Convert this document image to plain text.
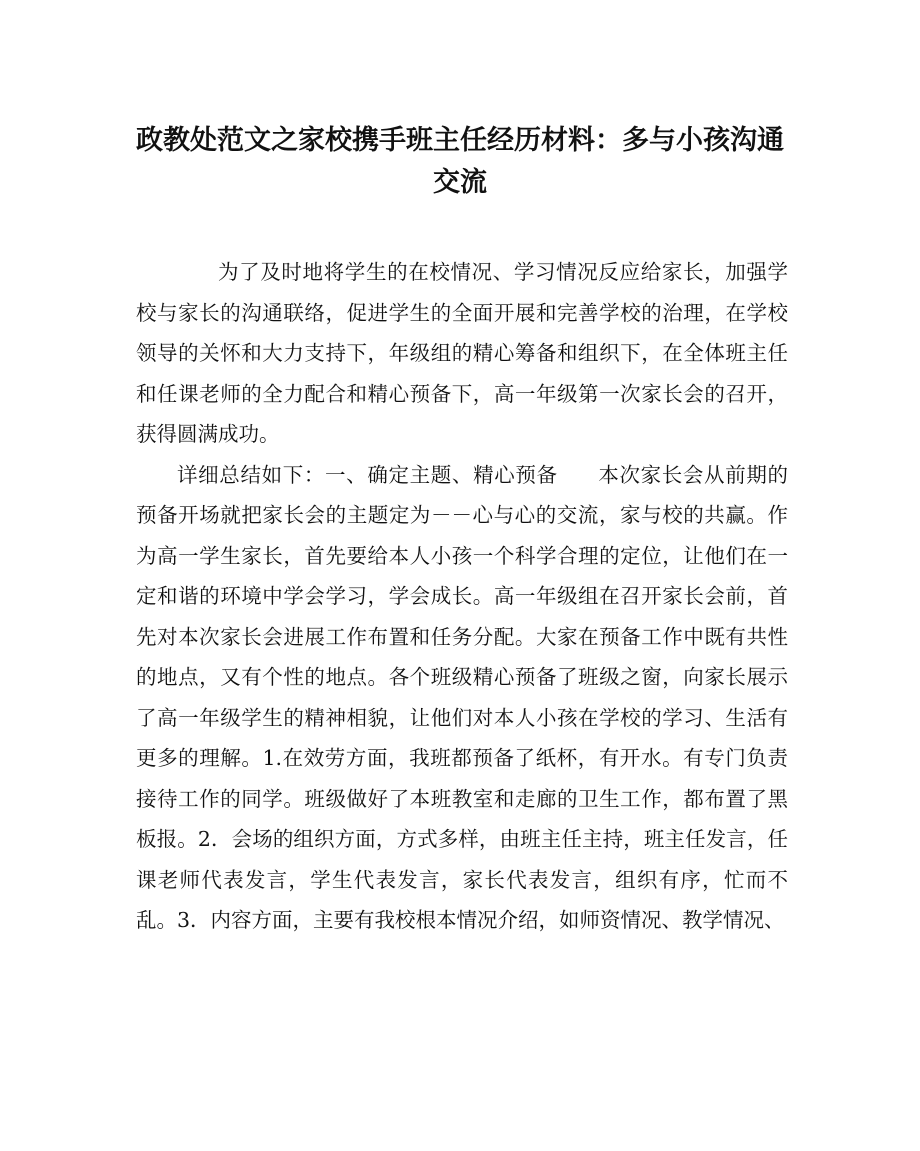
政教处范文之家校携手班主任经历材料：多与小孩沟通交流

为了及时地将学生的在校情况、学习情况反应给家长，加强学校与家长的沟通联络，促进学生的全面开展和完善学校的治理，在学校领导的关怀和大力支持下，年级组的精心筹备和组织下，在全体班主任和任课老师的全力配合和精心预备下，高一年级第一次家长会的召开，获得圆满成功。

详细总结如下：一、确定主题、精心预备 本次家长会从前期的预备开场就把家长会的主题定为－－心与心的交流，家与校的共赢。作为高一学生家长，首先要给本人小孩一个科学合理的定位，让他们在一定和谐的环境中学会学习，学会成长。高一年级组在召开家长会前，首先对本次家长会进展工作布置和任务分配。大家在预备工作中既有共性的地点，又有个性的地点。各个班级精心预备了班级之窗，向家长展示了高一年级学生的精神相貌，让他们对本人小孩在学校的学习、生活有更多的理解。1.在效劳方面，我班都预备了纸杯，有开水。有专门负责接待工作的同学。班级做好了本班教室和走廊的卫生工作，都布置了黑板报。2．会场的组织方面，方式多样，由班主任主持，班主任发言，任课老师代表发言，学生代表发言，家长代表发言，组织有序，忙而不乱。3．内容方面，主要有我校根本情况介绍，如师资情况、教学情况、
